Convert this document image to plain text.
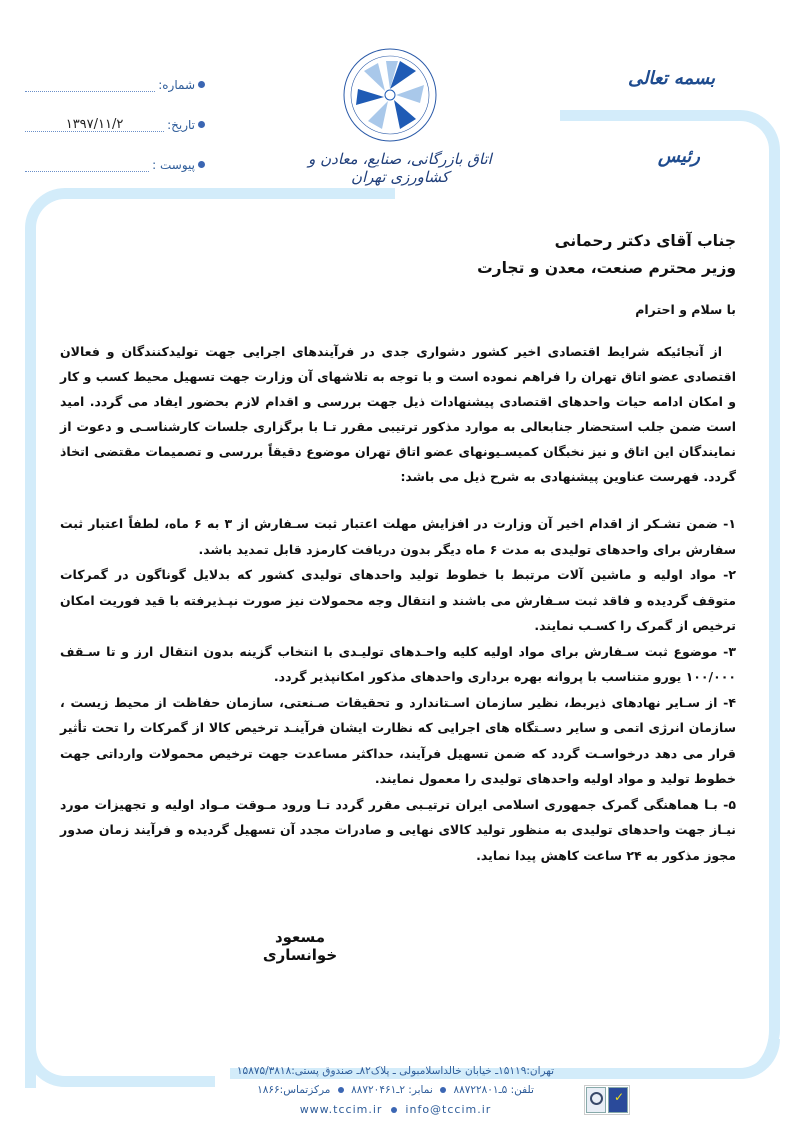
شماره:
تاریخ:
۱۳۹۷/۱۱/۲
پیوست :	اتاق بازرگانی، صنایع، معادن و کشاورزی تهران
بسمه تعالی
رئیس
جناب آقای دکتر رحمانی
وزیر محترم صنعت، معدن و تجارت
با سلام و احترام
از آنجائیکه شرایط اقتصادی اخیر کشور دشواری جدی در فرآیندهای اجرایی جهت تولیدکنندگان و فعالان اقتصادی عضو اتاق تهران را فراهم نموده است و با توجه به تلاشهای آن وزارت جهت تسهیل محیط کسب و کار و امکان ادامه حیات واحدهای اقتصادی پیشنهادات ذیل جهت بررسی و اقدام لازم بحضور ایفاد می گردد. امید است ضمن جلب استحضار جنابعالی به موارد مذکور ترتیبی مقرر تـا با برگزاری جلسات کارشناسـی و دعوت از نمایندگان این اتاق و نیز نخبگان کمیسـیونهای عضو اتاق تهران موضوع دقیقاً بررسی و تصمیمات مقتضی اتخاذ گردد. فهرست عناوین پیشنهادی به شرح ذیل می باشد:
۱- ضمن تشـکر از اقدام اخیر آن وزارت در افزایش مهلت اعتبار ثبت سـفارش از ۳ به ۶ ماه، لطفاً اعتبار ثبت سفارش برای واحدهای تولیدی به مدت ۶ ماه دیگر بدون دریافت کارمزد قابل تمدید باشد.
۲- مواد اولیه و ماشین آلات مرتبط با خطوط تولید واحدهای تولیدی کشور که بدلایل گوناگون در گمرکات متوقف گردیده و فاقد ثبت سـفارش می باشند و انتقال وجه محمولات نیز صورت نپـذیرفته با قید فوریت امکان ترخیص از گمرک را کسـب نمایند.
۳- موضوع ثبت سـفارش برای مواد اولیه کلیه واحـدهای تولیـدی با انتخاب گزینه بدون انتقال ارز و تا سـقف ۱۰۰/۰۰۰ یورو متناسب با پروانه بهره برداری واحدهای مذکور امکانپذیر گردد.
۴- از سـایر نهادهای ذیربط، نظیر سازمان اسـتاندارد و تحقیقات صـنعتی، سازمان حفاظت از محیط زیست ، سازمان انرژی اتمی و سایر دسـتگاه های اجرایی که نظارت ایشان فرآینـد ترخیص کالا از گمرکات را تحت تأثیر قرار می دهد درخواسـت گردد که ضمن تسهیل فرآیند، حداکثر مساعدت جهت ترخیص محمولات وارداتی جهت خطوط تولید و مواد اولیه واحدهای تولیدی را معمول نمایند.
۵- بـا هماهنگی گمرک جمهوری اسلامی ایران ترتیـبی مقرر گردد تـا ورود مـوقت مـواد اولیه و تجهیزات مورد نیـاز جهت واحدهای تولیدی به منظور تولید کالای نهایی و صادرات مجدد آن تسهیل گردیده و فرآیند زمان صدور مجوز مذکور به ۲۴ ساعت کاهش پیدا نماید.
مسعود خوانساری
تهران:۱۵۱۱۹ـ خیابان خالداسلامبولی ـ پلاک۸۲ـ صندوق پستی:۱۵۸۷۵/۳۸۱۸
تلفن: ۵ـ۸۸۷۲۲۸۰۱  نمابر: ۲ـ۸۸۷۲۰۴۶۱  مرکزتماس:۱۸۶۶
www.tccim.ir info@tccim.ir
✓
